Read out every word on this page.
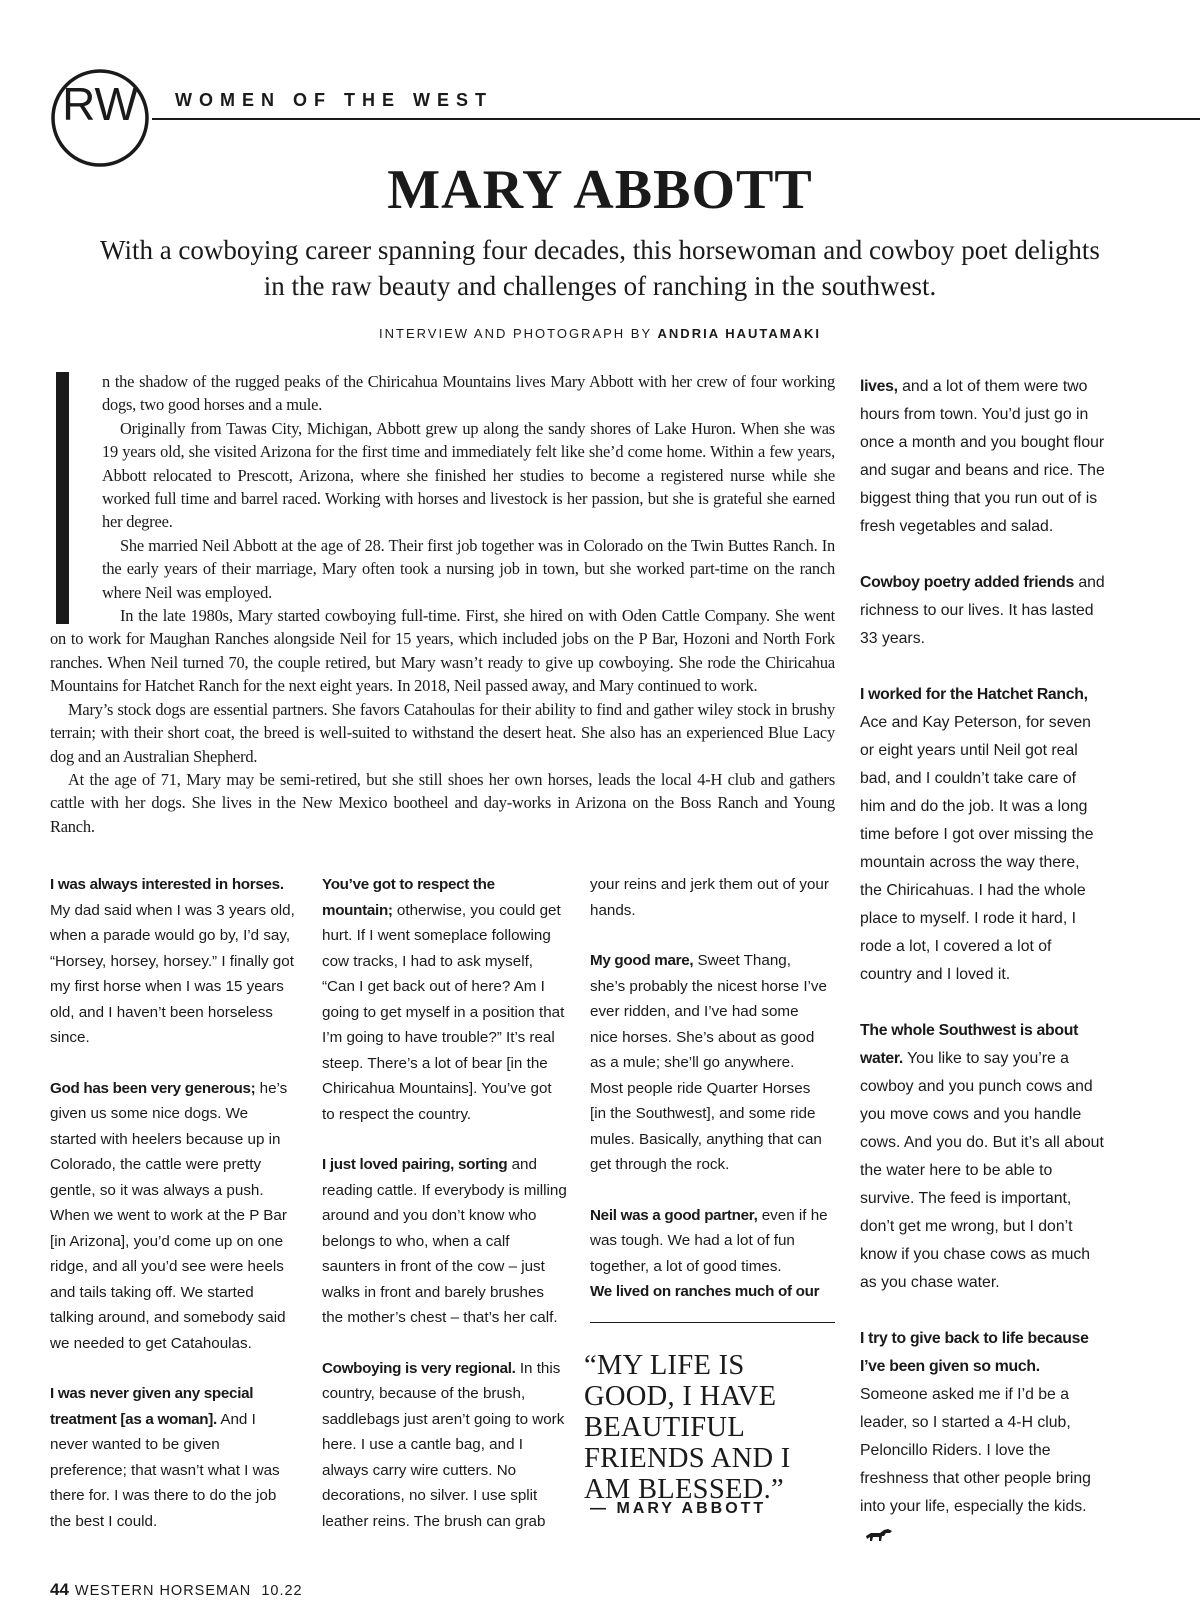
RW WOMEN OF THE WEST
MARY ABBOTT
With a cowboying career spanning four decades, this horsewoman and cowboy poet delights in the raw beauty and challenges of ranching in the southwest.
INTERVIEW AND PHOTOGRAPH BY ANDRIA HAUTAMAKI

n the shadow of the rugged peaks of the Chiricahua Mountains lives Mary Abbott with her crew of four working dogs, two good horses and a mule.

Originally from Tawas City, Michigan, Abbott grew up along the sandy shores of Lake Huron. When she was 19 years old, she visited Arizona for the first time and immediately felt like she’d come home. Within a few years, Abbott relocated to Prescott, Arizona, where she finished her studies to become a registered nurse while she worked full time and barrel raced. Working with horses and livestock is her passion, but she is grateful she earned her degree.

She married Neil Abbott at the age of 28. Their first job together was in Colorado on the Twin Buttes Ranch. In the early years of their marriage, Mary often took a nursing job in town, but she worked part-time on the ranch where Neil was employed.

In the late 1980s, Mary started cowboying full-time. First, she hired on with Oden Cattle Company. She went on to work for Maughan Ranches alongside Neil for 15 years, which included jobs on the P Bar, Hozoni and North Fork ranches. When Neil turned 70, the couple retired, but Mary wasn’t ready to give up cowboying. She rode the Chiricahua Mountains for Hatchet Ranch for the next eight years. In 2018, Neil passed away, and Mary continued to work.

Mary’s stock dogs are essential partners. She favors Catahoulas for their ability to find and gather wiley stock in brushy terrain; with their short coat, the breed is well-suited to withstand the desert heat. She also has an experienced Blue Lacy dog and an Australian Shepherd.

At the age of 71, Mary may be semi-retired, but she still shoes her own horses, leads the local 4-H club and gathers cattle with her dogs. She lives in the New Mexico bootheel and day-works in Arizona on the Boss Ranch and Young Ranch.

I was always interested in horses. My dad said when I was 3 years old, when a parade would go by, I’d say, “Horsey, horsey, horsey.” I finally got my first horse when I was 15 years old, and I haven’t been horseless since.

God has been very generous; he’s given us some nice dogs. We started with heelers because up in Colorado, the cattle were pretty gentle, so it was always a push. When we went to work at the P Bar [in Arizona], you’d come up on one ridge, and all you’d see were heels and tails taking off. We started talking around, and somebody said we needed to get Catahoulas.

I was never given any special treatment [as a woman]. And I never wanted to be given preference; that wasn’t what I was there for. I was there to do the job the best I could.

You’ve got to respect the mountain; otherwise, you could get hurt. If I went someplace following cow tracks, I had to ask myself, “Can I get back out of here? Am I going to get myself in a position that I’m going to have trouble?” It’s real steep. There’s a lot of bear [in the Chiricahua Mountains]. You’ve got to respect the country.

I just loved pairing, sorting and reading cattle. If everybody is milling around and you don’t know who belongs to who, when a calf saunters in front of the cow – just walks in front and barely brushes the mother’s chest – that’s her calf.

Cowboying is very regional. In this country, because of the brush, saddlebags just aren’t going to work here. I use a cantle bag, and I always carry wire cutters. No decorations, no silver. I use split leather reins. The brush can grab

your reins and jerk them out of your hands.

My good mare, Sweet Thang, she’s probably the nicest horse I’ve ever ridden, and I’ve had some nice horses. She’s about as good as a mule; she’ll go anywhere. Most people ride Quarter Horses [in the Southwest], and some ride mules. Basically, anything that can get through the rock.

Neil was a good partner, even if he was tough. We had a lot of fun together, a lot of good times.
We lived on ranches much of our

“MY LIFE IS GOOD, I HAVE BEAUTIFUL FRIENDS AND I AM BLESSED.”
— MARY ABBOTT

lives, and a lot of them were two hours from town. You’d just go in once a month and you bought flour and sugar and beans and rice. The biggest thing that you run out of is fresh vegetables and salad.

Cowboy poetry added friends and richness to our lives. It has lasted 33 years.

I worked for the Hatchet Ranch, Ace and Kay Peterson, for seven or eight years until Neil got real bad, and I couldn’t take care of him and do the job. It was a long time before I got over missing the mountain across the way there, the Chiricahuas. I had the whole place to myself. I rode it hard, I rode a lot, I covered a lot of country and I loved it.

The whole Southwest is about water. You like to say you’re a cowboy and you punch cows and you move cows and you handle cows. And you do. But it’s all about the water here to be able to survive. The feed is important, don’t get me wrong, but I don’t know if you chase cows as much as you chase water.

I try to give back to life because I’ve been given so much. Someone asked me if I’d be a leader, so I started a 4-H club, Peloncillo Riders. I love the freshness that other people bring into your life, especially the kids.

44 WESTERN HORSEMAN 10.22
